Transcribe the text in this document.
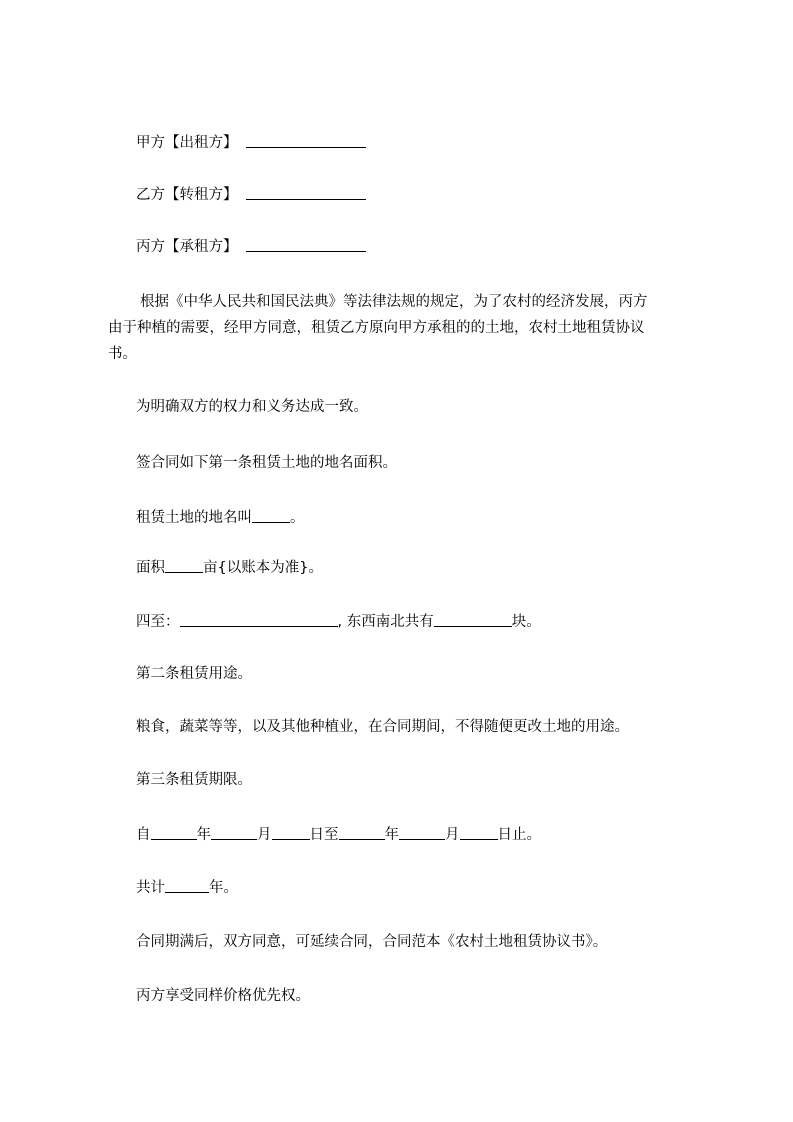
甲方【出租方】
乙方【转租方】
丙方【承租方】
根据《中华人民共和国民法典》等法律法规的规定，为了农村的经济发展，丙方
由于种植的需要，经甲方同意，租赁乙方原向甲方承租的的土地，农村土地租赁协议
书。
为明确双方的权力和义务达成一致。
签合同如下第一条租赁土地的地名面积。
租赁土地的地名叫	。
面积	亩{以账本为准}。
四至：	, 东西南北共有	块。
第二条租赁用途。
粮食，蔬菜等等，以及其他种植业，在合同期间，不得随便更改土地的用途。
第三条租赁期限。
自	年	月	日至	年	月	日止。
共计	年。
合同期满后，双方同意，可延续合同，合同范本《农村土地租赁协议书》。
丙方享受同样价格优先权。
